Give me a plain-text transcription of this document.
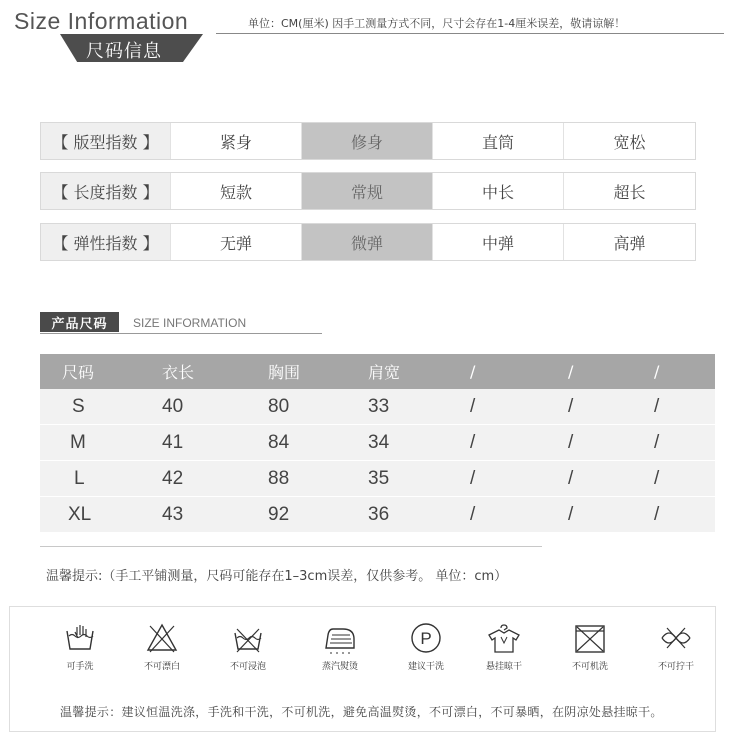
Size Information	单位：CM(厘米) 因手工测量方式不同，尺寸会存在1-4厘米误差，敬请谅解！
尺码信息
【 版型指数 】	紧身	修身	直筒	宽松
【 长度指数 】	短款	常规	中长	超长
【 弹性指数 】	无弹	微弹	中弹	高弹
产品尺码	SIZE INFORMATION
尺码	衣长	胸围	肩宽	/	/	/
S	40	80	33	/	/	/
M	41	84	34	/	/	/
L	42	88	35	/	/	/
XL	43	92	36	/	/	/
温馨提示:（手工平铺测量，尺码可能存在1–3cm误差，仅供参考。 单位：cm）
可手洗	不可漂白	不可浸泡	蒸汽熨烫
P
建议干洗	悬挂晾干	不可机洗	不可拧干
温馨提示：建议恒温洗涤，手洗和干洗，不可机洗，避免高温熨烫，不可漂白，不可暴晒，在阴凉处悬挂晾干。
